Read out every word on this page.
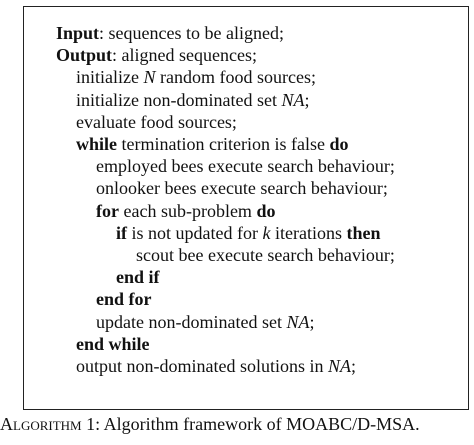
Input: sequences to be aligned;
Output: aligned sequences;
initialize N random food sources;
initialize non-dominated set NA;
evaluate food sources;
while termination criterion is false do
employed bees execute search behaviour;
onlooker bees execute search behaviour;
for each sub-problem do
if is not updated for k iterations then
scout bee execute search behaviour;
end if
end for
update non-dominated set NA;
end while
output non-dominated solutions in NA;
Algorithm 1: Algorithm framework of MOABC/D-MSA.
